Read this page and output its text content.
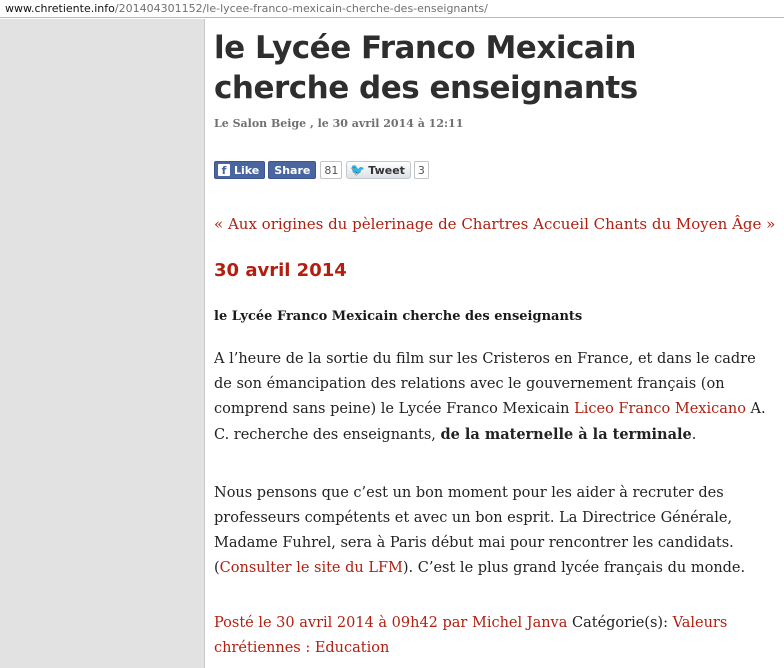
www.chretiente.info/201404301152/le-lycee-franco-mexicain-cherche-des-enseignants/
le Lycée Franco Mexicain cherche des enseignants
Le Salon Beige , le 30 avril 2014 à 12:11
f Like Share	81	🐦 Tweet	3
« Aux origines du pèlerinage de Chartres Accueil Chants du Moyen Âge »
30 avril 2014
le Lycée Franco Mexicain cherche des enseignants

A l’heure de la sortie du film sur les Cristeros en France, et dans le cadre de son émancipation des relations avec le gouvernement français (on comprend sans peine) le Lycée Franco Mexicain Liceo Franco Mexicano A. C. recherche des enseignants, de la maternelle à la terminale.

Nous pensons que c’est un bon moment pour les aider à recruter des professeurs compétents et avec un bon esprit. La Directrice Générale, Madame Fuhrel, sera à Paris début mai pour rencontrer les candidats. (Consulter le site du LFM). C’est le plus grand lycée français du monde.

Posté le 30 avril 2014 à 09h42 par Michel Janva Catégorie(s): Valeurs chrétiennes : Education
